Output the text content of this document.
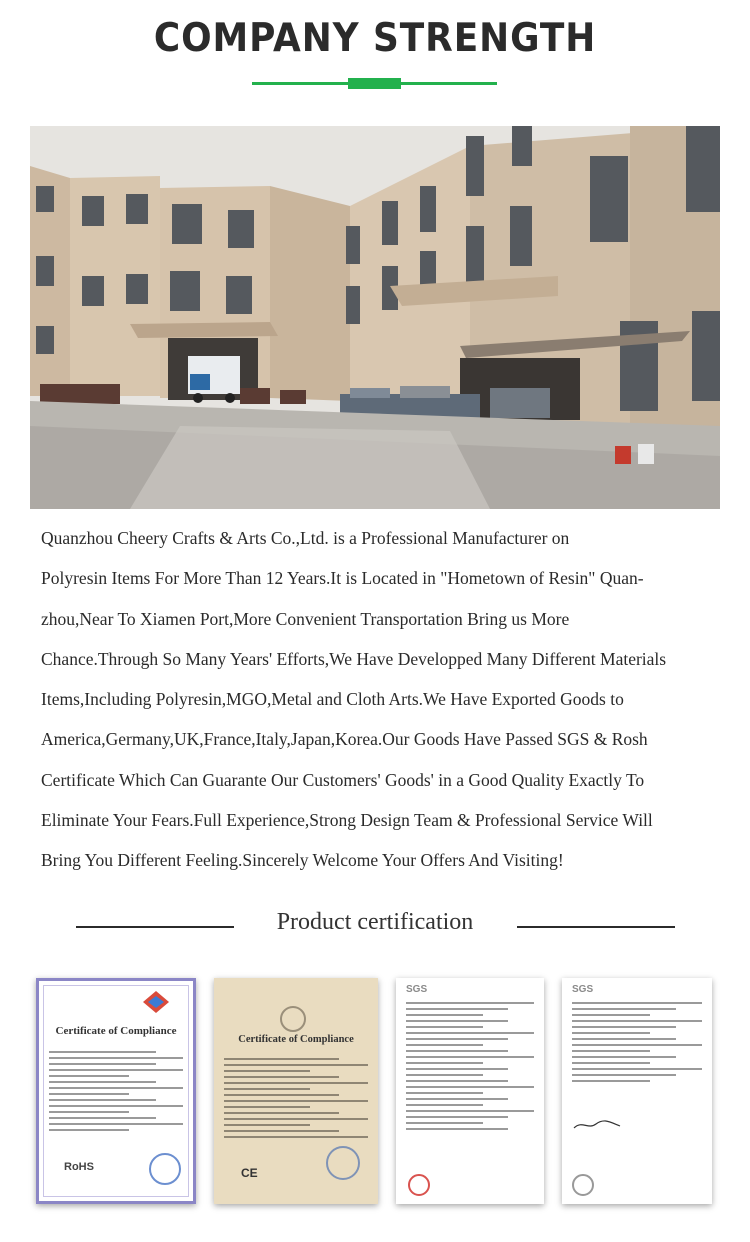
COMPANY STRENGTH

Quanzhou Cheery Crafts & Arts Co.,Ltd. is a Professional Manufacturer on
Polyresin Items For More Than 12 Years.It is Located in "Hometown of Resin" Quan-
zhou,Near To Xiamen Port,More Convenient Transportation Bring us More
Chance.Through So Many Years' Efforts,We Have Developped Many Different Materials
Items,Including Polyresin,MGO,Metal and Cloth Arts.We Have Exported Goods to
America,Germany,UK,France,Italy,Japan,Korea.Our Goods Have Passed SGS & Rosh
Certificate Which Can Guarante Our Customers' Goods' in a Good Quality Exactly To
Eliminate Your Fears.Full Experience,Strong Design Team & Professional Service Will
Bring You Different Feeling.Sincerely Welcome Your Offers And Visiting!

Product certification
Certificate of Compliance
RoHS
Certificate of Compliance
CE
SGS	SGS
